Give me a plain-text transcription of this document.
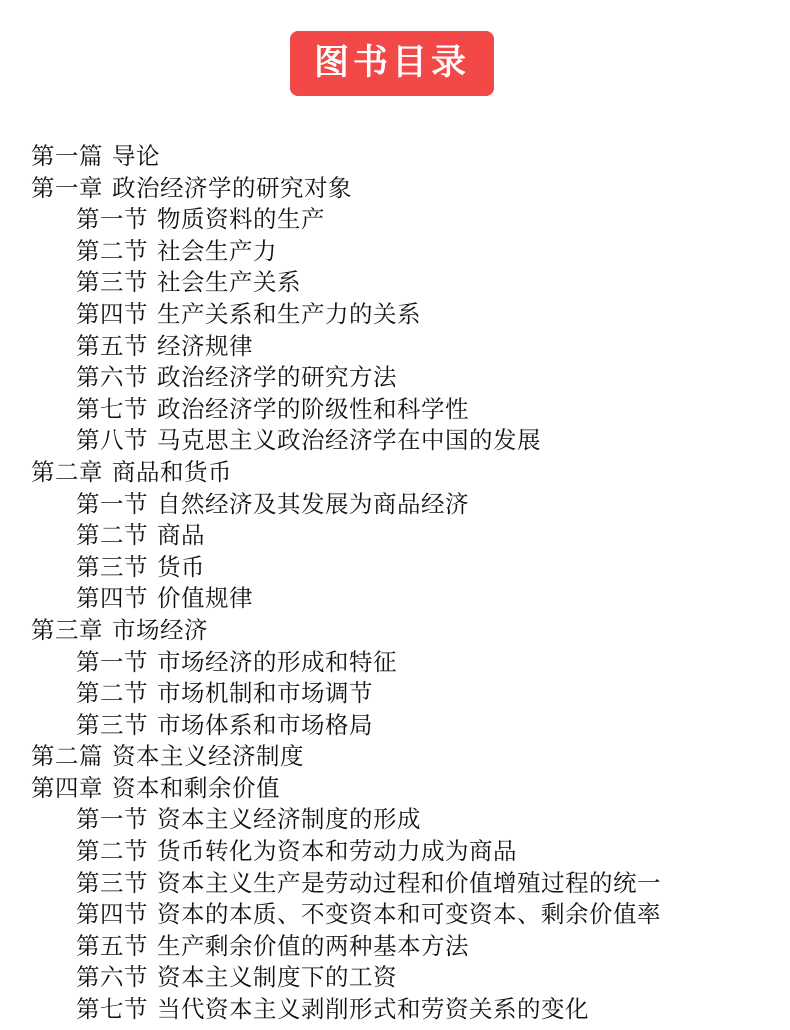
图书目录
第一篇 导论
第一章 政治经济学的研究对象
第一节 物质资料的生产
第二节 社会生产力
第三节 社会生产关系
第四节 生产关系和生产力的关系
第五节 经济规律
第六节 政治经济学的研究方法
第七节 政治经济学的阶级性和科学性
第八节 马克思主义政治经济学在中国的发展
第二章 商品和货币
第一节 自然经济及其发展为商品经济
第二节 商品
第三节 货币
第四节 价值规律
第三章 市场经济
第一节 市场经济的形成和特征
第二节 市场机制和市场调节
第三节 市场体系和市场格局
第二篇 资本主义经济制度
第四章 资本和剩余价值
第一节 资本主义经济制度的形成
第二节 货币转化为资本和劳动力成为商品
第三节 资本主义生产是劳动过程和价值增殖过程的统一
第四节 资本的本质、不变资本和可变资本、剩余价值率
第五节 生产剩余价值的两种基本方法
第六节 资本主义制度下的工资
第七节 当代资本主义剥削形式和劳资关系的变化
